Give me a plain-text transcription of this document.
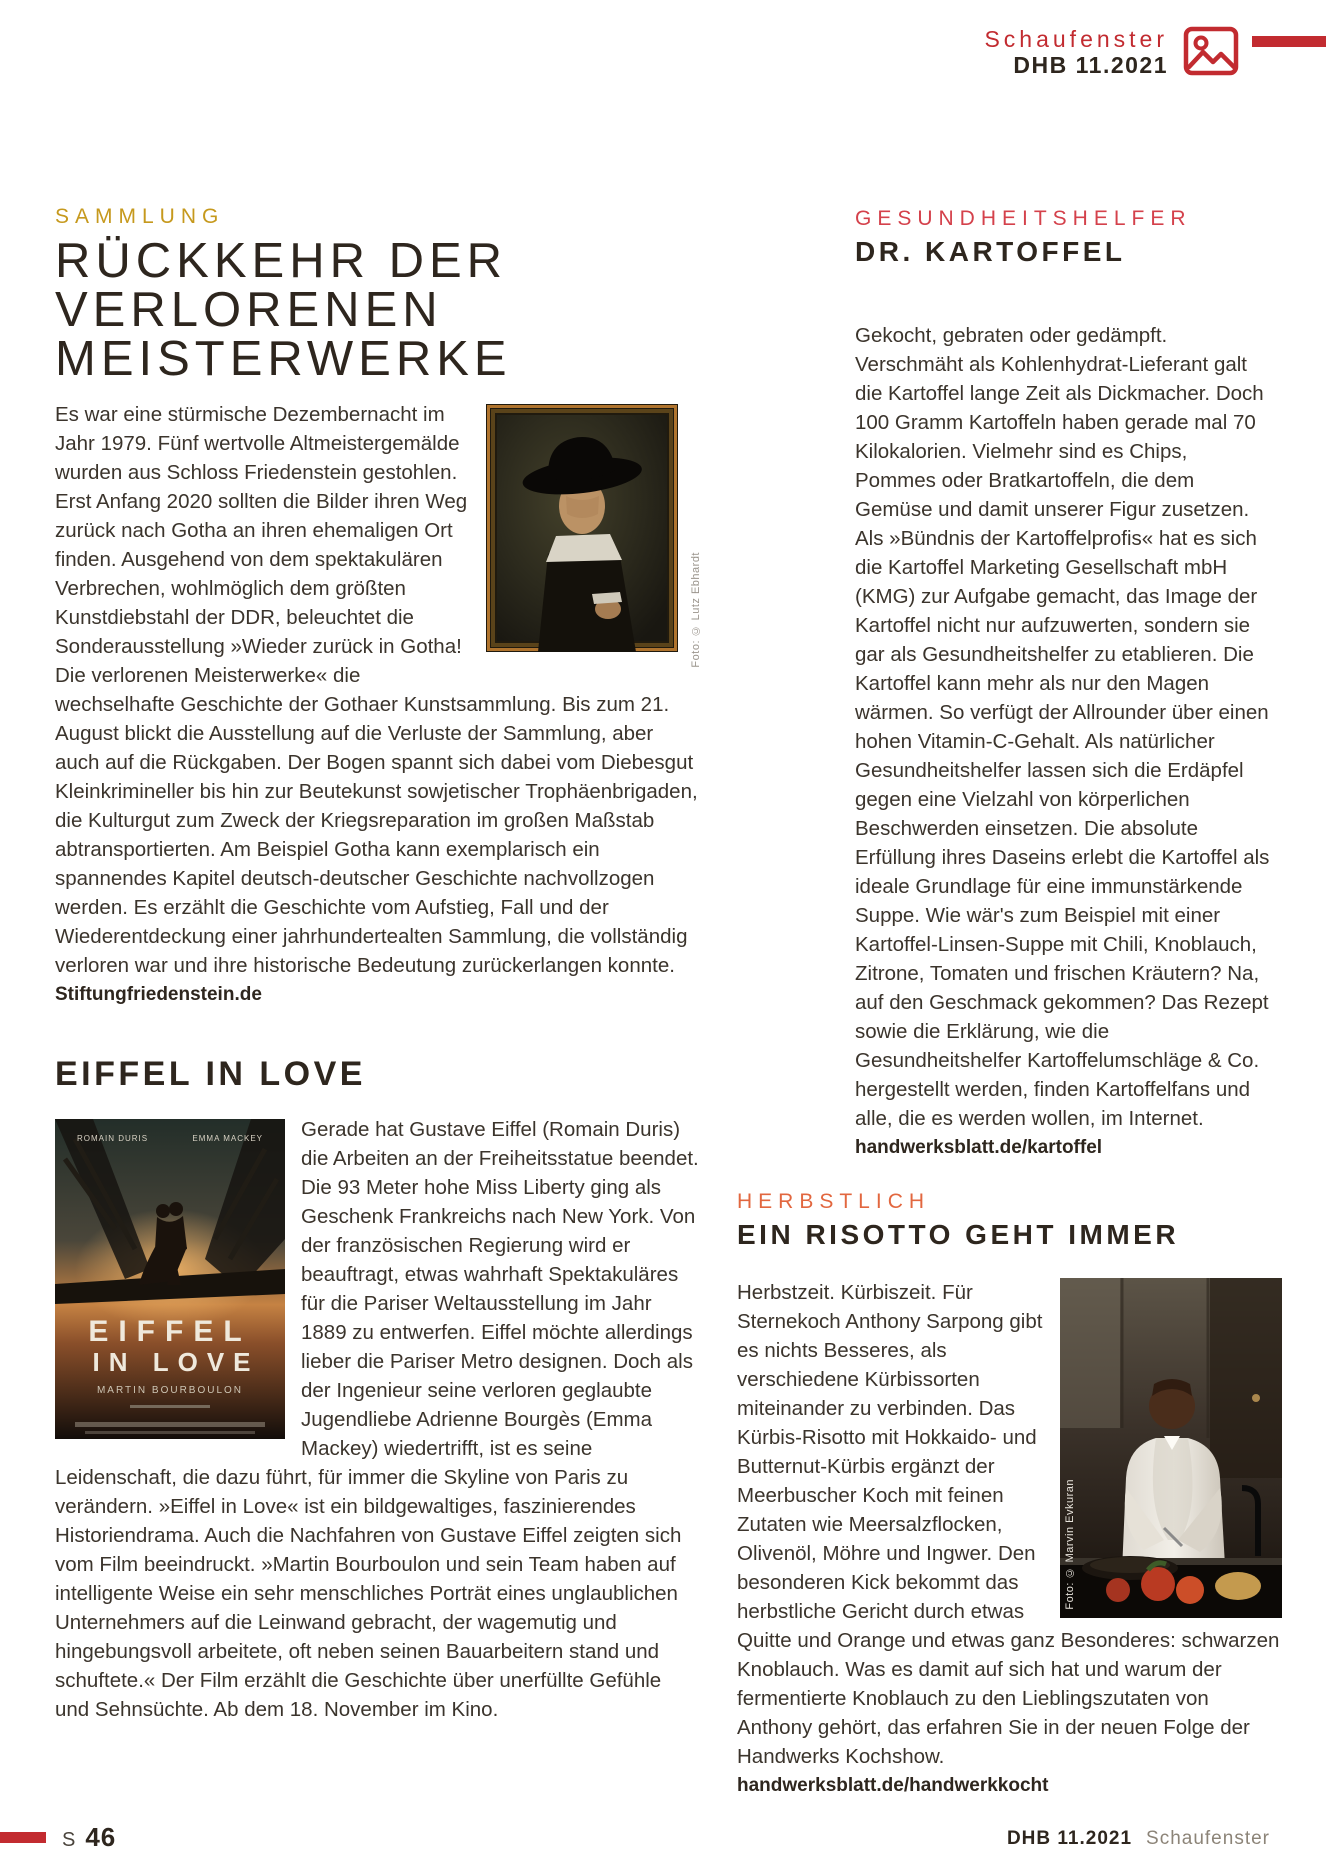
Schaufenster
DHB 11.2021
SAMMLUNG
RÜCKKEHR DER
VERLORENEN MEISTERWERKE
Foto: © Lutz Ebhardt

Es war eine stürmische Dezembernacht im Jahr 1979. Fünf wertvolle Altmeistergemälde wurden aus Schloss Friedenstein gestohlen. Erst Anfang 2020 sollten die Bilder ihren Weg zurück nach Gotha an ihren ehemaligen Ort finden. Ausgehend von dem spektakulären Verbrechen, wohlmöglich dem größten Kunstdiebstahl der DDR, beleuchtet die Sonderausstellung »Wieder zurück in Gotha! Die verlorenen Meisterwerke« die wechselhafte Geschichte der Gothaer Kunstsammlung. Bis zum 21. August blickt die Ausstellung auf die Verluste der Sammlung, aber auch auf die Rückgaben. Der Bogen spannt sich dabei vom Diebesgut Kleinkrimineller bis hin zur Beutekunst sowjetischer Trophäenbrigaden, die Kulturgut zum Zweck der Kriegsreparation im großen Maßstab abtransportierten. Am Beispiel Gotha kann exemplarisch ein spannendes Kapitel deutsch-deutscher Geschichte nachvollzogen werden. Es erzählt die Geschichte vom Aufstieg, Fall und der Wiederentdeckung einer jahrhundertealten Sammlung, die vollständig verloren war und ihre historische Bedeutung zurückerlangen konnte.

Stiftungfriedenstein.de
EIFFEL IN LOVE
ROMAIN DURIS	EMMA MACKEY
EIFFEL
IN LOVE
MARTIN BOURBOULON

Gerade hat Gustave Eiffel (Romain Duris) die Arbeiten an der Freiheitsstatue beendet. Die 93 Meter hohe Miss Liberty ging als Geschenk Frankreichs nach New York. Von der französischen Regierung wird er beauftragt, etwas wahrhaft Spektakuläres für die Pariser Weltausstellung im Jahr 1889 zu entwerfen. Eiffel möchte allerdings lieber die Pariser Metro designen. Doch als der Ingenieur seine verloren geglaubte Jugendliebe Adrienne Bourgès (Emma Mackey) wiedertrifft, ist es seine Leidenschaft, die dazu führt, für immer die Skyline von Paris zu verändern. »Eiffel in Love« ist ein bildgewaltiges, faszinierendes Historiendrama. Auch die Nachfahren von Gustave Eiffel zeigten sich vom Film beeindruckt. »Martin Bourboulon und sein Team haben auf intelligente Weise ein sehr menschliches Porträt eines unglaublichen Unternehmers auf die Leinwand gebracht, der wagemutig und hingebungsvoll arbeitete, oft neben seinen Bauarbeitern stand und schuftete.« Der Film erzählt die Geschichte über unerfüllte Gefühle und Sehnsüchte. Ab dem 18. November im Kino.

GESUNDHEITSHELFER
DR. KARTOFFEL

Gekocht, gebraten oder gedämpft. Verschmäht als Kohlenhydrat-Lieferant galt die Kartoffel lange Zeit als Dickmacher. Doch 100 Gramm Kartoffeln haben gerade mal 70 Kilokalorien. Vielmehr sind es Chips, Pommes oder Bratkartoffeln, die dem Gemüse und damit unserer Figur zusetzen. Als »Bündnis der Kartoffelprofis« hat es sich die Kartoffel Marketing Gesellschaft mbH (KMG) zur Aufgabe gemacht, das Image der Kartoffel nicht nur aufzuwerten, sondern sie gar als Gesundheitshelfer zu etablieren. Die Kartoffel kann mehr als nur den Magen wärmen. So verfügt der Allrounder über einen hohen Vitamin-C-Gehalt. Als natürlicher Gesundheitshelfer lassen sich die Erdäpfel gegen eine Vielzahl von körperlichen Beschwerden einsetzen. Die absolute Erfüllung ihres Daseins erlebt die Kartoffel als ideale Grundlage für eine immunstärkende Suppe. Wie wär's zum Beispiel mit einer Kartoffel-Linsen-Suppe mit Chili, Knoblauch, Zitrone, Tomaten und frischen Kräutern? Na, auf den Geschmack gekommen? Das Rezept sowie die Erklärung, wie die Gesundheitshelfer Kartoffelumschläge & Co. hergestellt werden, finden Kartoffelfans und alle, die es werden wollen, im Internet.

handwerksblatt.de/kartoffel
HERBSTLICH
EIN RISOTTO GEHT IMMER
Foto: © Marvin Evkuran

Herbstzeit. Kürbiszeit. Für Sternekoch Anthony Sarpong gibt es nichts Besseres, als verschiedene Kürbissorten miteinander zu verbinden. Das Kürbis-Risotto mit Hokkaido- und Butternut-Kürbis ergänzt der Meerbuscher Koch mit feinen Zutaten wie Meersalzflocken, Olivenöl, Möhre und Ingwer. Den besonderen Kick bekommt das herbstliche Gericht durch etwas Quitte und Orange und etwas ganz Besonderes: schwarzen Knoblauch. Was es damit auf sich hat und warum der fermentierte Knoblauch zu den Lieblingszutaten von Anthony gehört, das erfahren Sie in der neuen Folge der Handwerks Kochshow.

handwerksblatt.de/handwerkkocht
S 46	DHB 11.2021 Schaufenster
